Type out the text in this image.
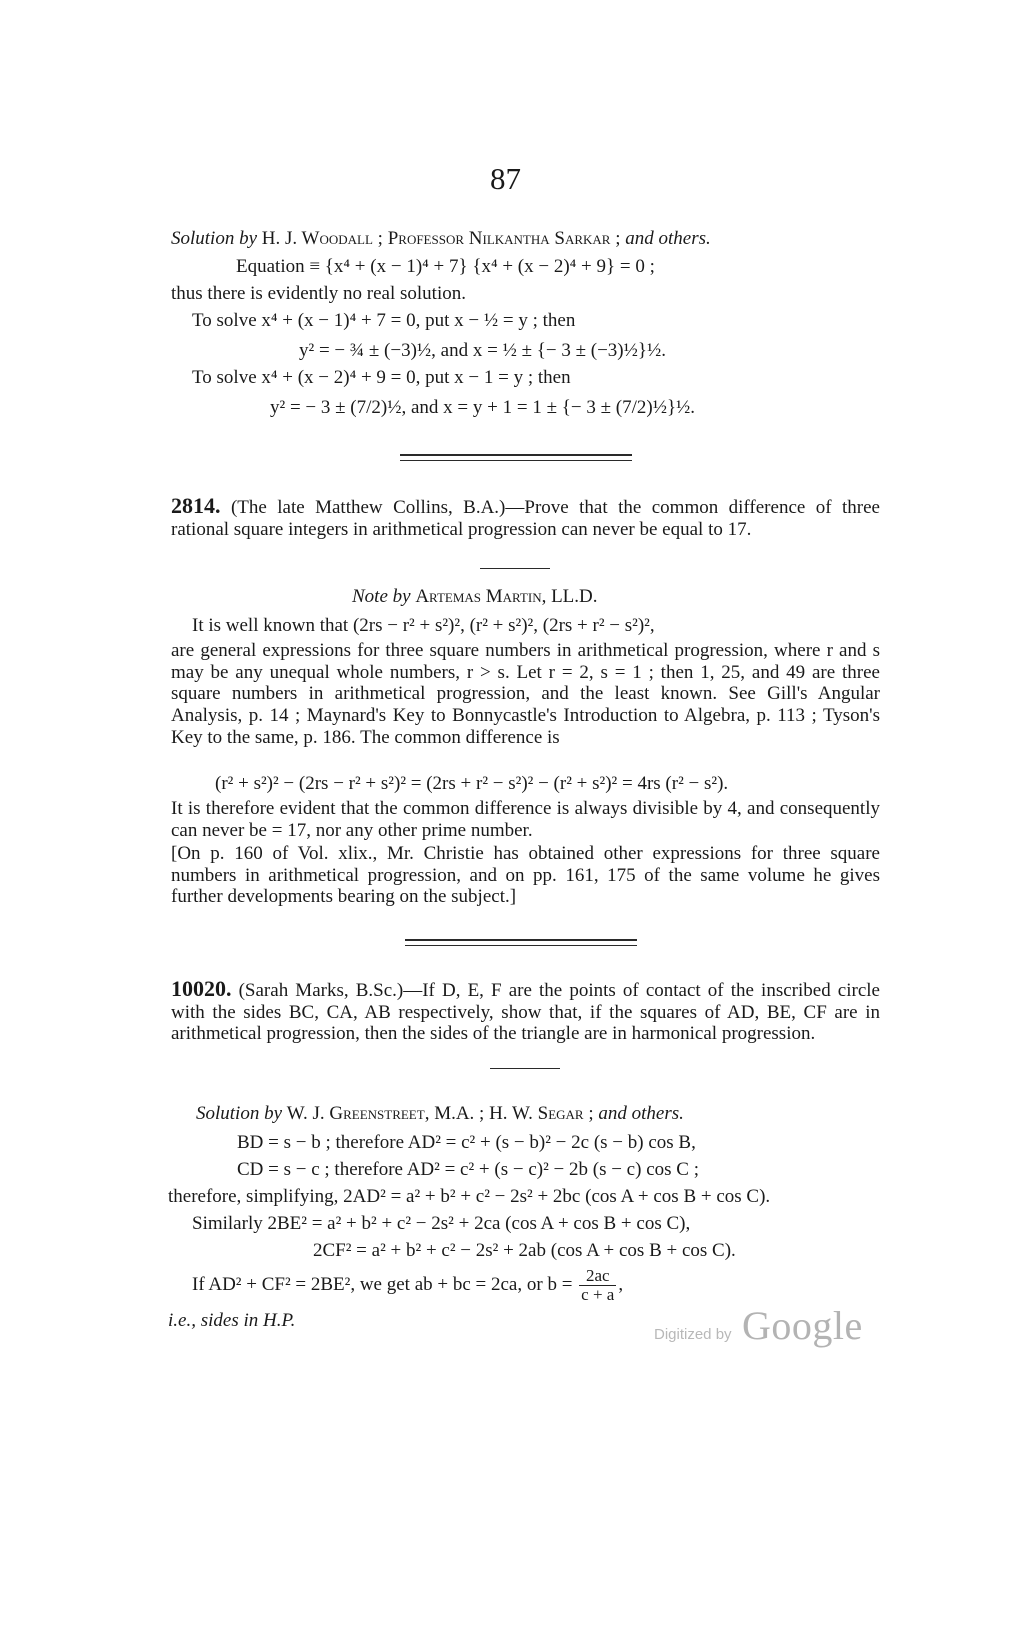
87
Solution by H. J. Woodall ; Professor Nilkantha Sarkar ; and others.
Equation ≡ {x⁴ + (x − 1)⁴ + 7} {x⁴ + (x − 2)⁴ + 9} = 0 ;
thus there is evidently no real solution.
To solve x⁴ + (x − 1)⁴ + 7 = 0, put x − ½ = y ; then
y² = − ¾ ± (−3)½, and x = ½ ± {− 3 ± (−3)½}½.
To solve x⁴ + (x − 2)⁴ + 9 = 0, put x − 1 = y ; then
y² = − 3 ± (7/2)½, and x = y + 1 = 1 ± {− 3 ± (7/2)½}½.
2814. (The late Matthew Collins, B.A.)—Prove that the common difference of three rational square integers in arithmetical progression can never be equal to 17.
Note by Artemas Martin, LL.D.
It is well known that (2rs − r² + s²)², (r² + s²)², (2rs + r² − s²)²,
are general expressions for three square numbers in arithmetical progression, where r and s may be any unequal whole numbers, r > s. Let r = 2, s = 1 ; then 1, 25, and 49 are three square numbers in arithmetical progression, and the least known. See Gill's Angular Analysis, p. 14 ; Maynard's Key to Bonnycastle's Introduction to Algebra, p. 113 ; Tyson's Key to the same, p. 186. The common difference is
(r² + s²)² − (2rs − r² + s²)² = (2rs + r² − s²)² − (r² + s²)² = 4rs (r² − s²).
It is therefore evident that the common difference is always divisible by 4, and consequently can never be = 17, nor any other prime number.
[On p. 160 of Vol. xlix., Mr. Christie has obtained other expressions for three square numbers in arithmetical progression, and on pp. 161, 175 of the same volume he gives further developments bearing on the subject.]
10020. (Sarah Marks, B.Sc.)—If D, E, F are the points of contact of the inscribed circle with the sides BC, CA, AB respectively, show that, if the squares of AD, BE, CF are in arithmetical progression, then the sides of the triangle are in harmonical progression.
Solution by W. J. Greenstreet, M.A. ; H. W. Segar ; and others.
BD = s − b ; therefore AD² = c² + (s − b)² − 2c (s − b) cos B,
CD = s − c ; therefore AD² = c² + (s − c)² − 2b (s − c) cos C ;
therefore, simplifying, 2AD² = a² + b² + c² − 2s² + 2bc (cos A + cos B + cos C).
Similarly 2BE² = a² + b² + c² − 2s² + 2ca (cos A + cos B + cos C),
2CF² = a² + b² + c² − 2s² + 2ab (cos A + cos B + cos C).
If AD² + CF² = 2BE², we get ab + bc = 2ca, or $b = \frac{2ac}{c + a}$ ,
i.e., sides in H.P.
Digitized by Google
